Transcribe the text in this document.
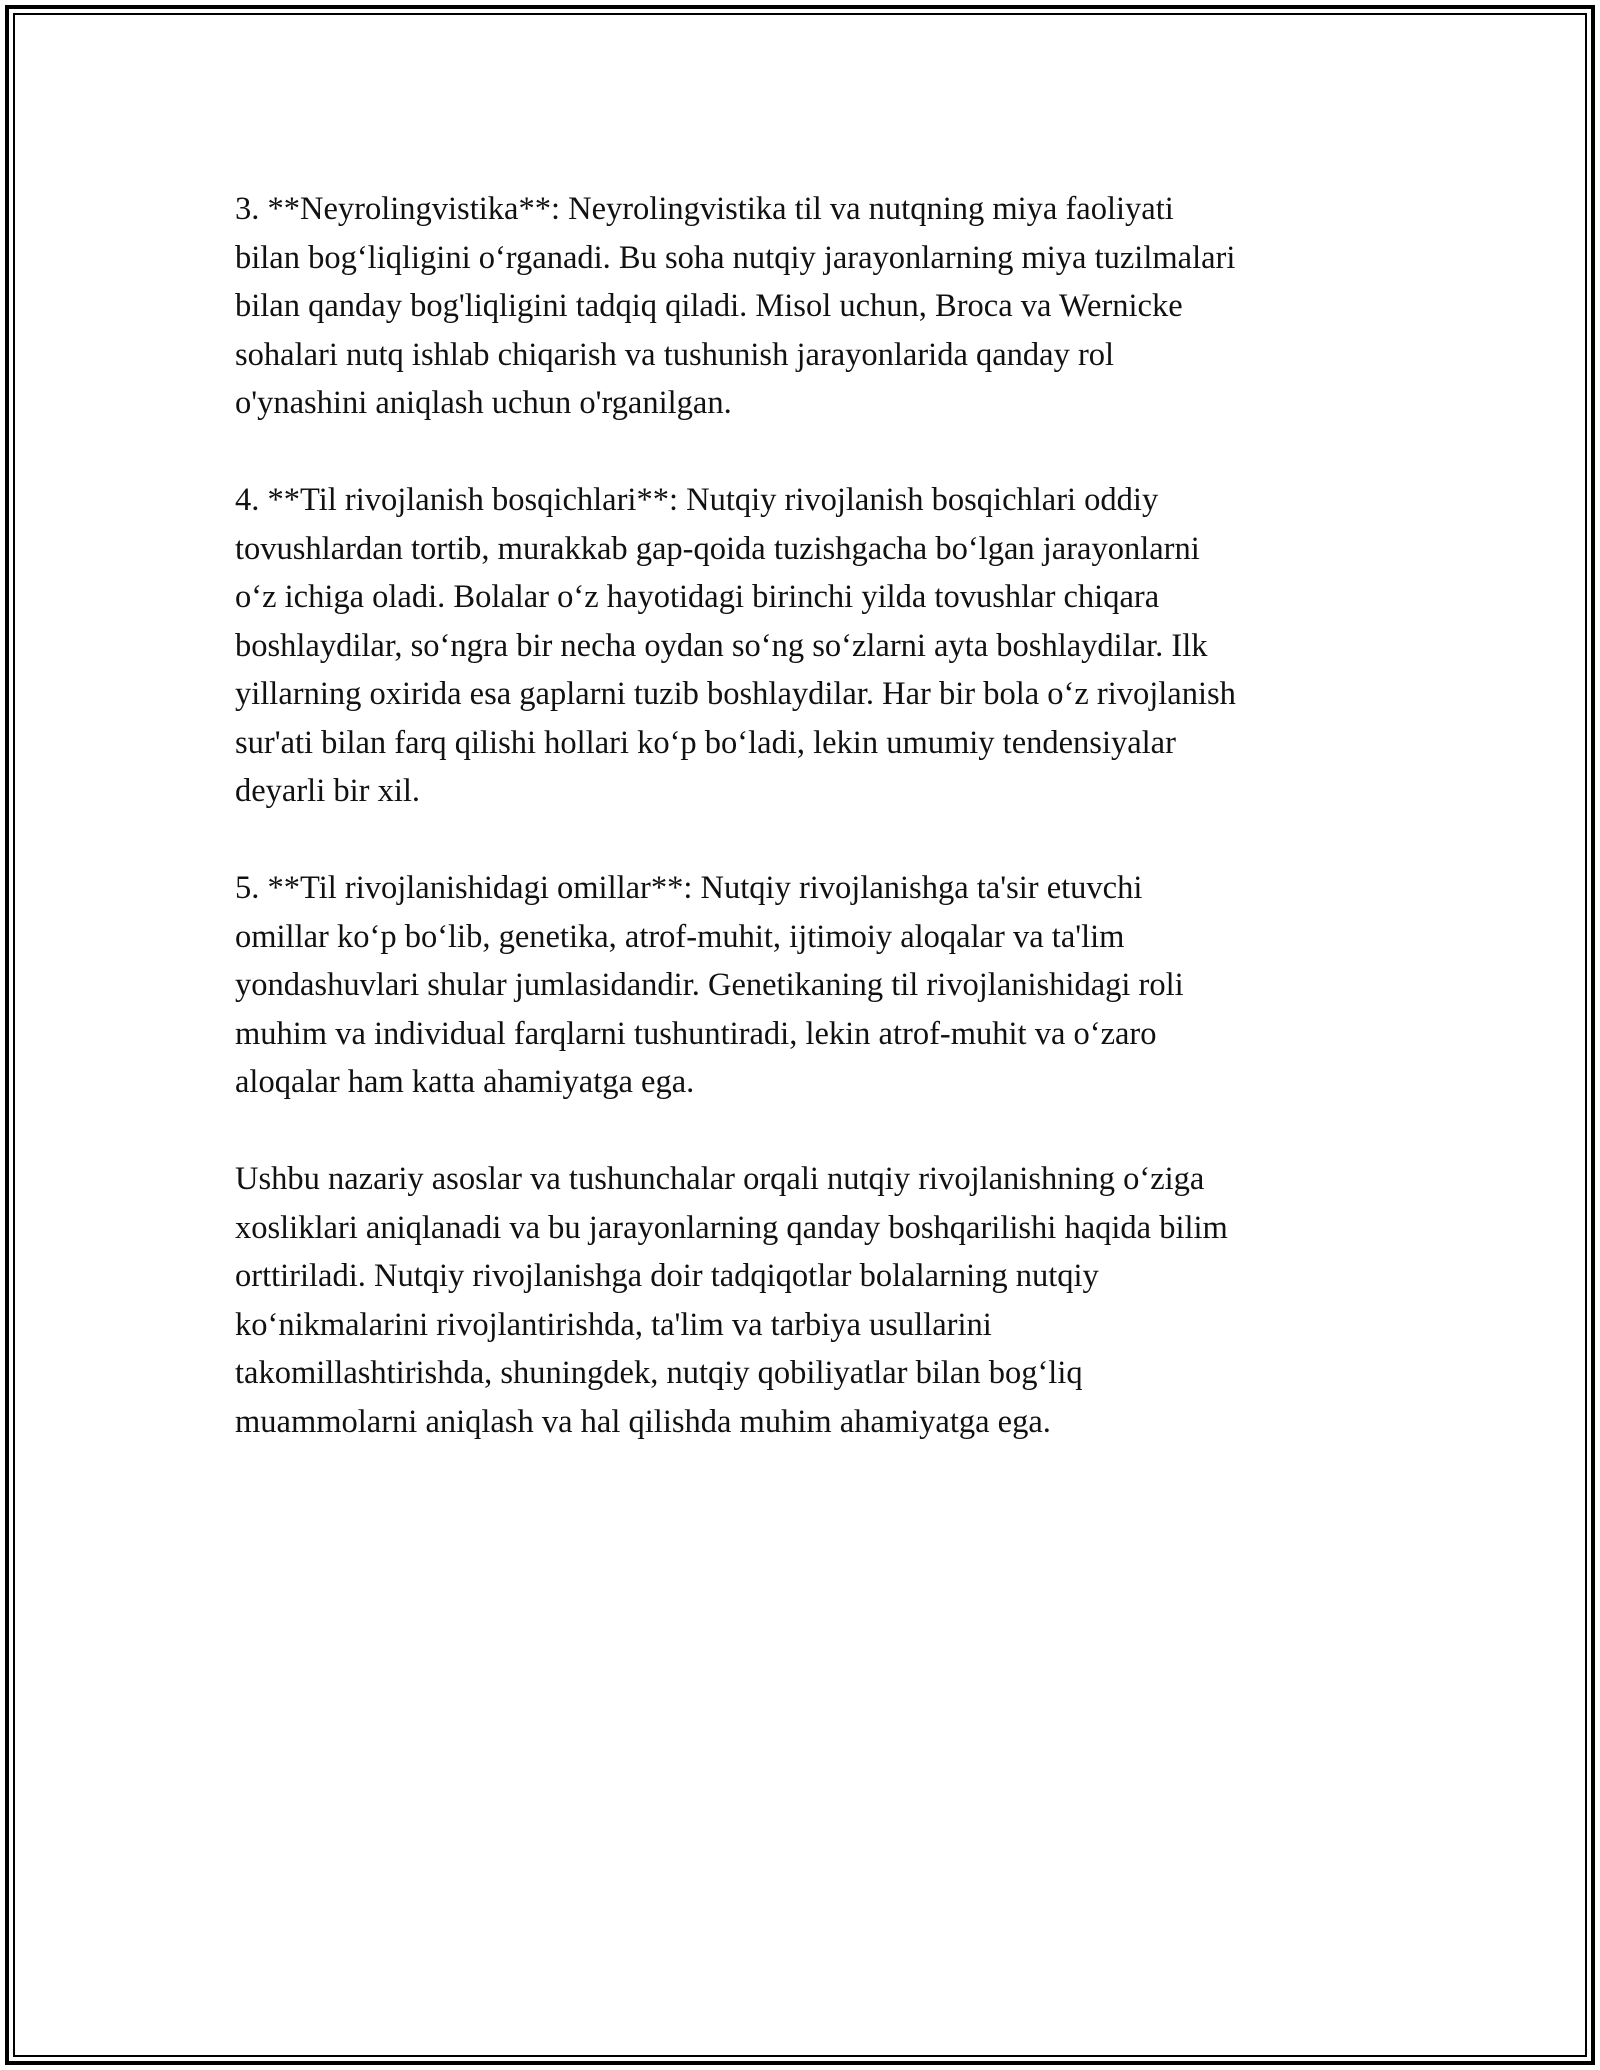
3. **Neyrolingvistika**: Neyrolingvistika til va nutqning miya faoliyati
bilan bog‘liqligini o‘rganadi. Bu soha nutqiy jarayonlarning miya tuzilmalari
bilan qanday bog'liqligini tadqiq qiladi. Misol uchun, Broca va Wernicke
sohalari nutq ishlab chiqarish va tushunish jarayonlarida qanday rol
o'ynashini aniqlash uchun o'rganilgan.

4. **Til rivojlanish bosqichlari**: Nutqiy rivojlanish bosqichlari oddiy
tovushlardan tortib, murakkab gap-qoida tuzishgacha bo‘lgan jarayonlarni
o‘z ichiga oladi. Bolalar o‘z hayotidagi birinchi yilda tovushlar chiqara
boshlaydilar, so‘ngra bir necha oydan so‘ng so‘zlarni ayta boshlaydilar. Ilk
yillarning oxirida esa gaplarni tuzib boshlaydilar. Har bir bola o‘z rivojlanish
sur'ati bilan farq qilishi hollari ko‘p bo‘ladi, lekin umumiy tendensiyalar
deyarli bir xil.

5. **Til rivojlanishidagi omillar**: Nutqiy rivojlanishga ta'sir etuvchi
omillar ko‘p bo‘lib, genetika, atrof-muhit, ijtimoiy aloqalar va ta'lim
yondashuvlari shular jumlasidandir. Genetikaning til rivojlanishidagi roli
muhim va individual farqlarni tushuntiradi, lekin atrof-muhit va o‘zaro
aloqalar ham katta ahamiyatga ega.

Ushbu nazariy asoslar va tushunchalar orqali nutqiy rivojlanishning o‘ziga
xosliklari aniqlanadi va bu jarayonlarning qanday boshqarilishi haqida bilim
orttiriladi. Nutqiy rivojlanishga doir tadqiqotlar bolalarning nutqiy
ko‘nikmalarini rivojlantirishda, ta'lim va tarbiya usullarini
takomillashtirishda, shuningdek, nutqiy qobiliyatlar bilan bog‘liq
muammolarni aniqlash va hal qilishda muhim ahamiyatga ega.
